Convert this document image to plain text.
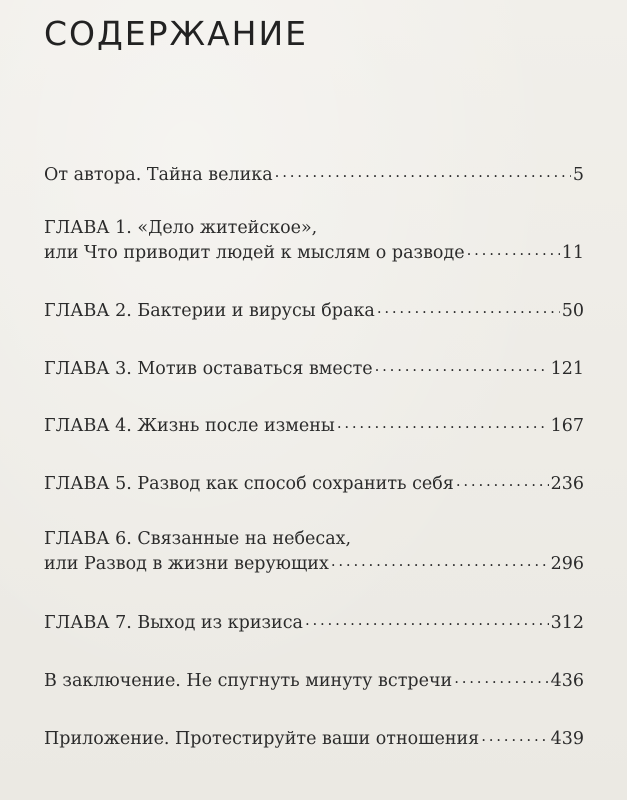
СОДЕРЖАНИЕ
От автора. Тайна велика . . .	5
ГЛАВА 1. «Дело житейское»,
или Что приводит людей к мыслям о разводе . . .	11
ГЛАВА 2. Бактерии и вирусы брака . . .	50
ГЛАВА 3. Мотив оставаться вместе . . .	121
ГЛАВА 4. Жизнь после измены . . .	167
ГЛАВА 5. Развод как способ сохранить себя . . .	236
ГЛАВА 6. Связанные на небесах,
или Развод в жизни верующих . . .	296
ГЛАВА 7. Выход из кризиса . . .	312
В заключение. Не спугнуть минуту встречи . . .	436
Приложение. Протестируйте ваши отношения . . .	439
